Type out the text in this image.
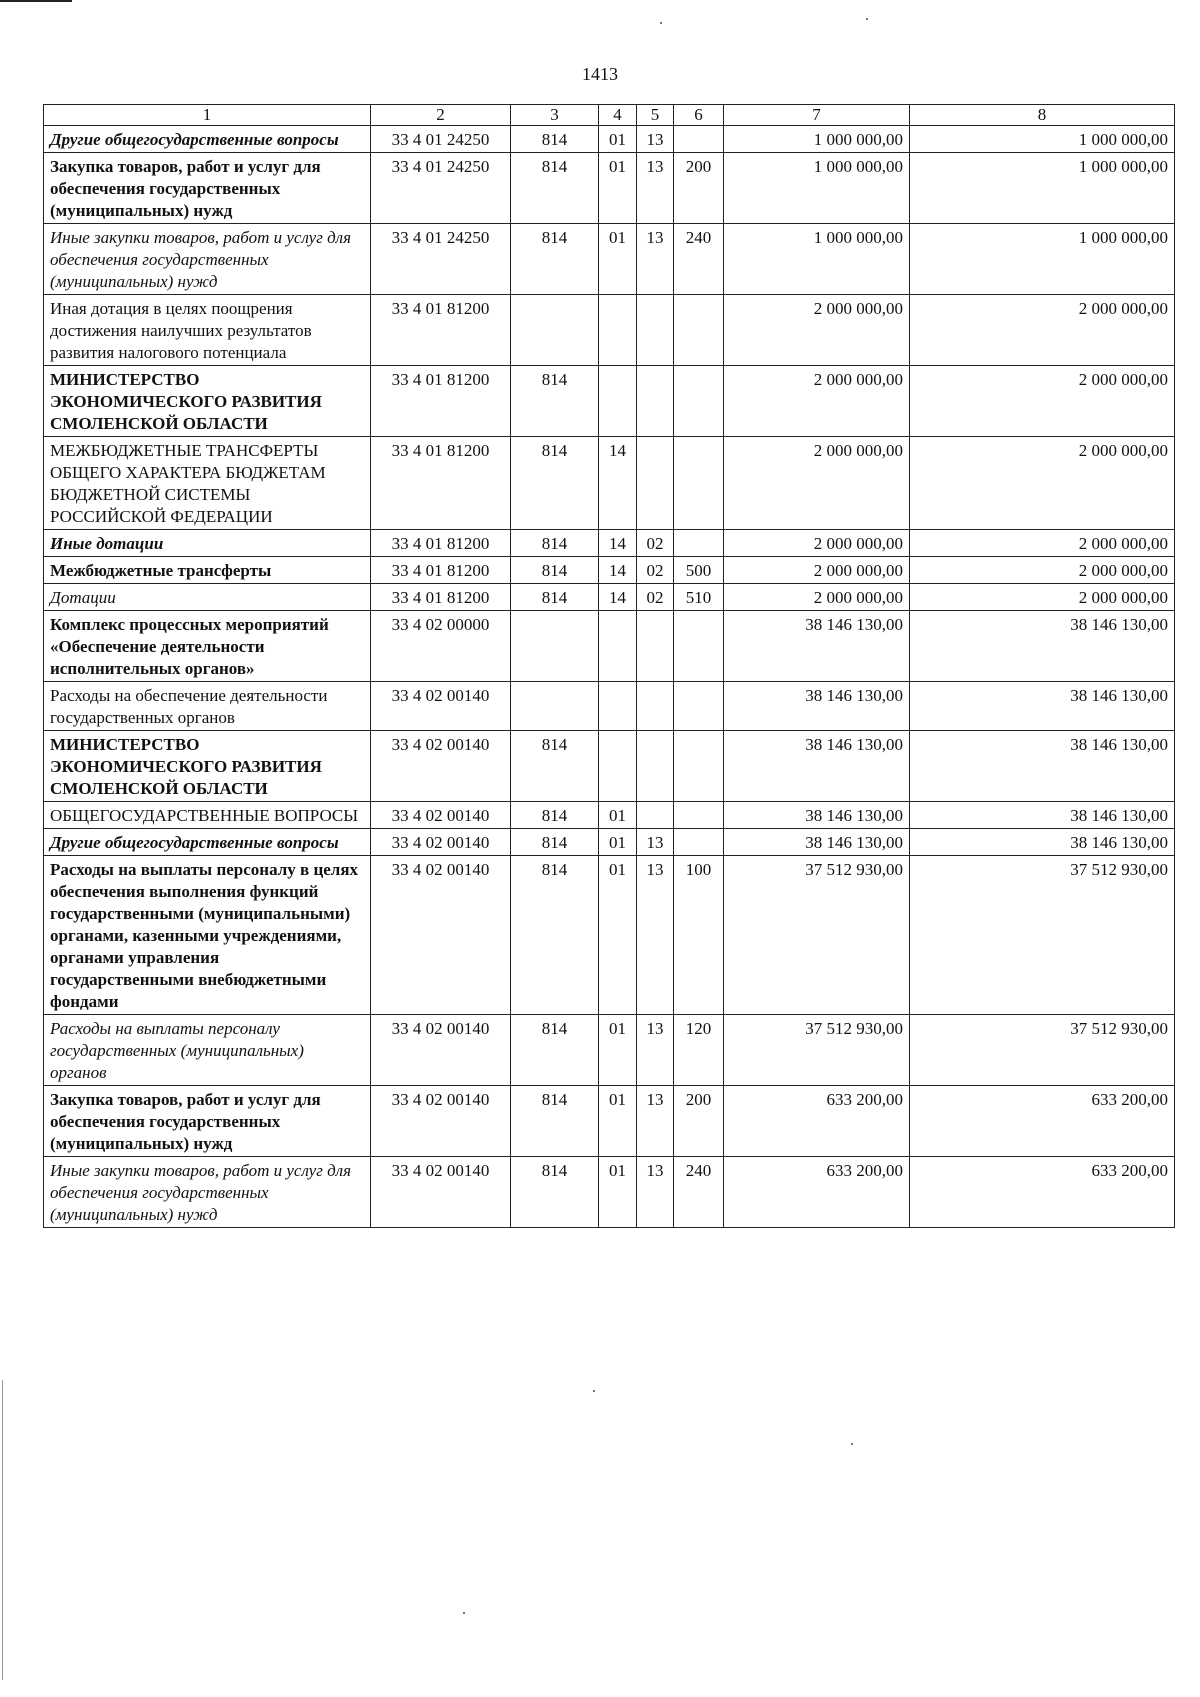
1413
1	2	3	4	5	6	7	8
Другие общегосударственные вопросы	33 4 01 24250	814	01	13		1 000 000,00	1 000 000,00
Закупка товаров, работ и услуг для обеспечения государственных (муниципальных) нужд	33 4 01 24250	814	01	13	200	1 000 000,00	1 000 000,00
Иные закупки товаров, работ и услуг для обеспечения государственных (муниципальных) нужд	33 4 01 24250	814	01	13	240	1 000 000,00	1 000 000,00
Иная дотация в целях поощрения достижения наилучших результатов развития налогового потенциала	33 4 01 81200					2 000 000,00	2 000 000,00
МИНИСТЕРСТВО ЭКОНОМИЧЕСКОГО РАЗВИТИЯ СМОЛЕНСКОЙ ОБЛАСТИ	33 4 01 81200	814				2 000 000,00	2 000 000,00
МЕЖБЮДЖЕТНЫЕ ТРАНСФЕРТЫ ОБЩЕГО ХАРАКТЕРА БЮДЖЕТАМ БЮДЖЕТНОЙ СИСТЕМЫ РОССИЙСКОЙ ФЕДЕРАЦИИ	33 4 01 81200	814	14			2 000 000,00	2 000 000,00
Иные дотации	33 4 01 81200	814	14	02		2 000 000,00	2 000 000,00
Межбюджетные трансферты	33 4 01 81200	814	14	02	500	2 000 000,00	2 000 000,00
Дотации	33 4 01 81200	814	14	02	510	2 000 000,00	2 000 000,00
Комплекс процессных мероприятий «Обеспечение деятельности исполнительных органов»	33 4 02 00000					38 146 130,00	38 146 130,00
Расходы на обеспечение деятельности государственных органов	33 4 02 00140					38 146 130,00	38 146 130,00
МИНИСТЕРСТВО ЭКОНОМИЧЕСКОГО РАЗВИТИЯ СМОЛЕНСКОЙ ОБЛАСТИ	33 4 02 00140	814				38 146 130,00	38 146 130,00
ОБЩЕГОСУДАРСТВЕННЫЕ ВОПРОСЫ	33 4 02 00140	814	01			38 146 130,00	38 146 130,00
Другие общегосударственные вопросы	33 4 02 00140	814	01	13		38 146 130,00	38 146 130,00
Расходы на выплаты персоналу в целях обеспечения выполнения функций государственными (муниципальными) органами, казенными учреждениями, органами управления государственными внебюджетными фондами	33 4 02 00140	814	01	13	100	37 512 930,00	37 512 930,00
Расходы на выплаты персоналу государственных (муниципальных) органов	33 4 02 00140	814	01	13	120	37 512 930,00	37 512 930,00
Закупка товаров, работ и услуг для обеспечения государственных (муниципальных) нужд	33 4 02 00140	814	01	13	200	633 200,00	633 200,00
Иные закупки товаров, работ и услуг для обеспечения государственных (муниципальных) нужд	33 4 02 00140	814	01	13	240	633 200,00	633 200,00
